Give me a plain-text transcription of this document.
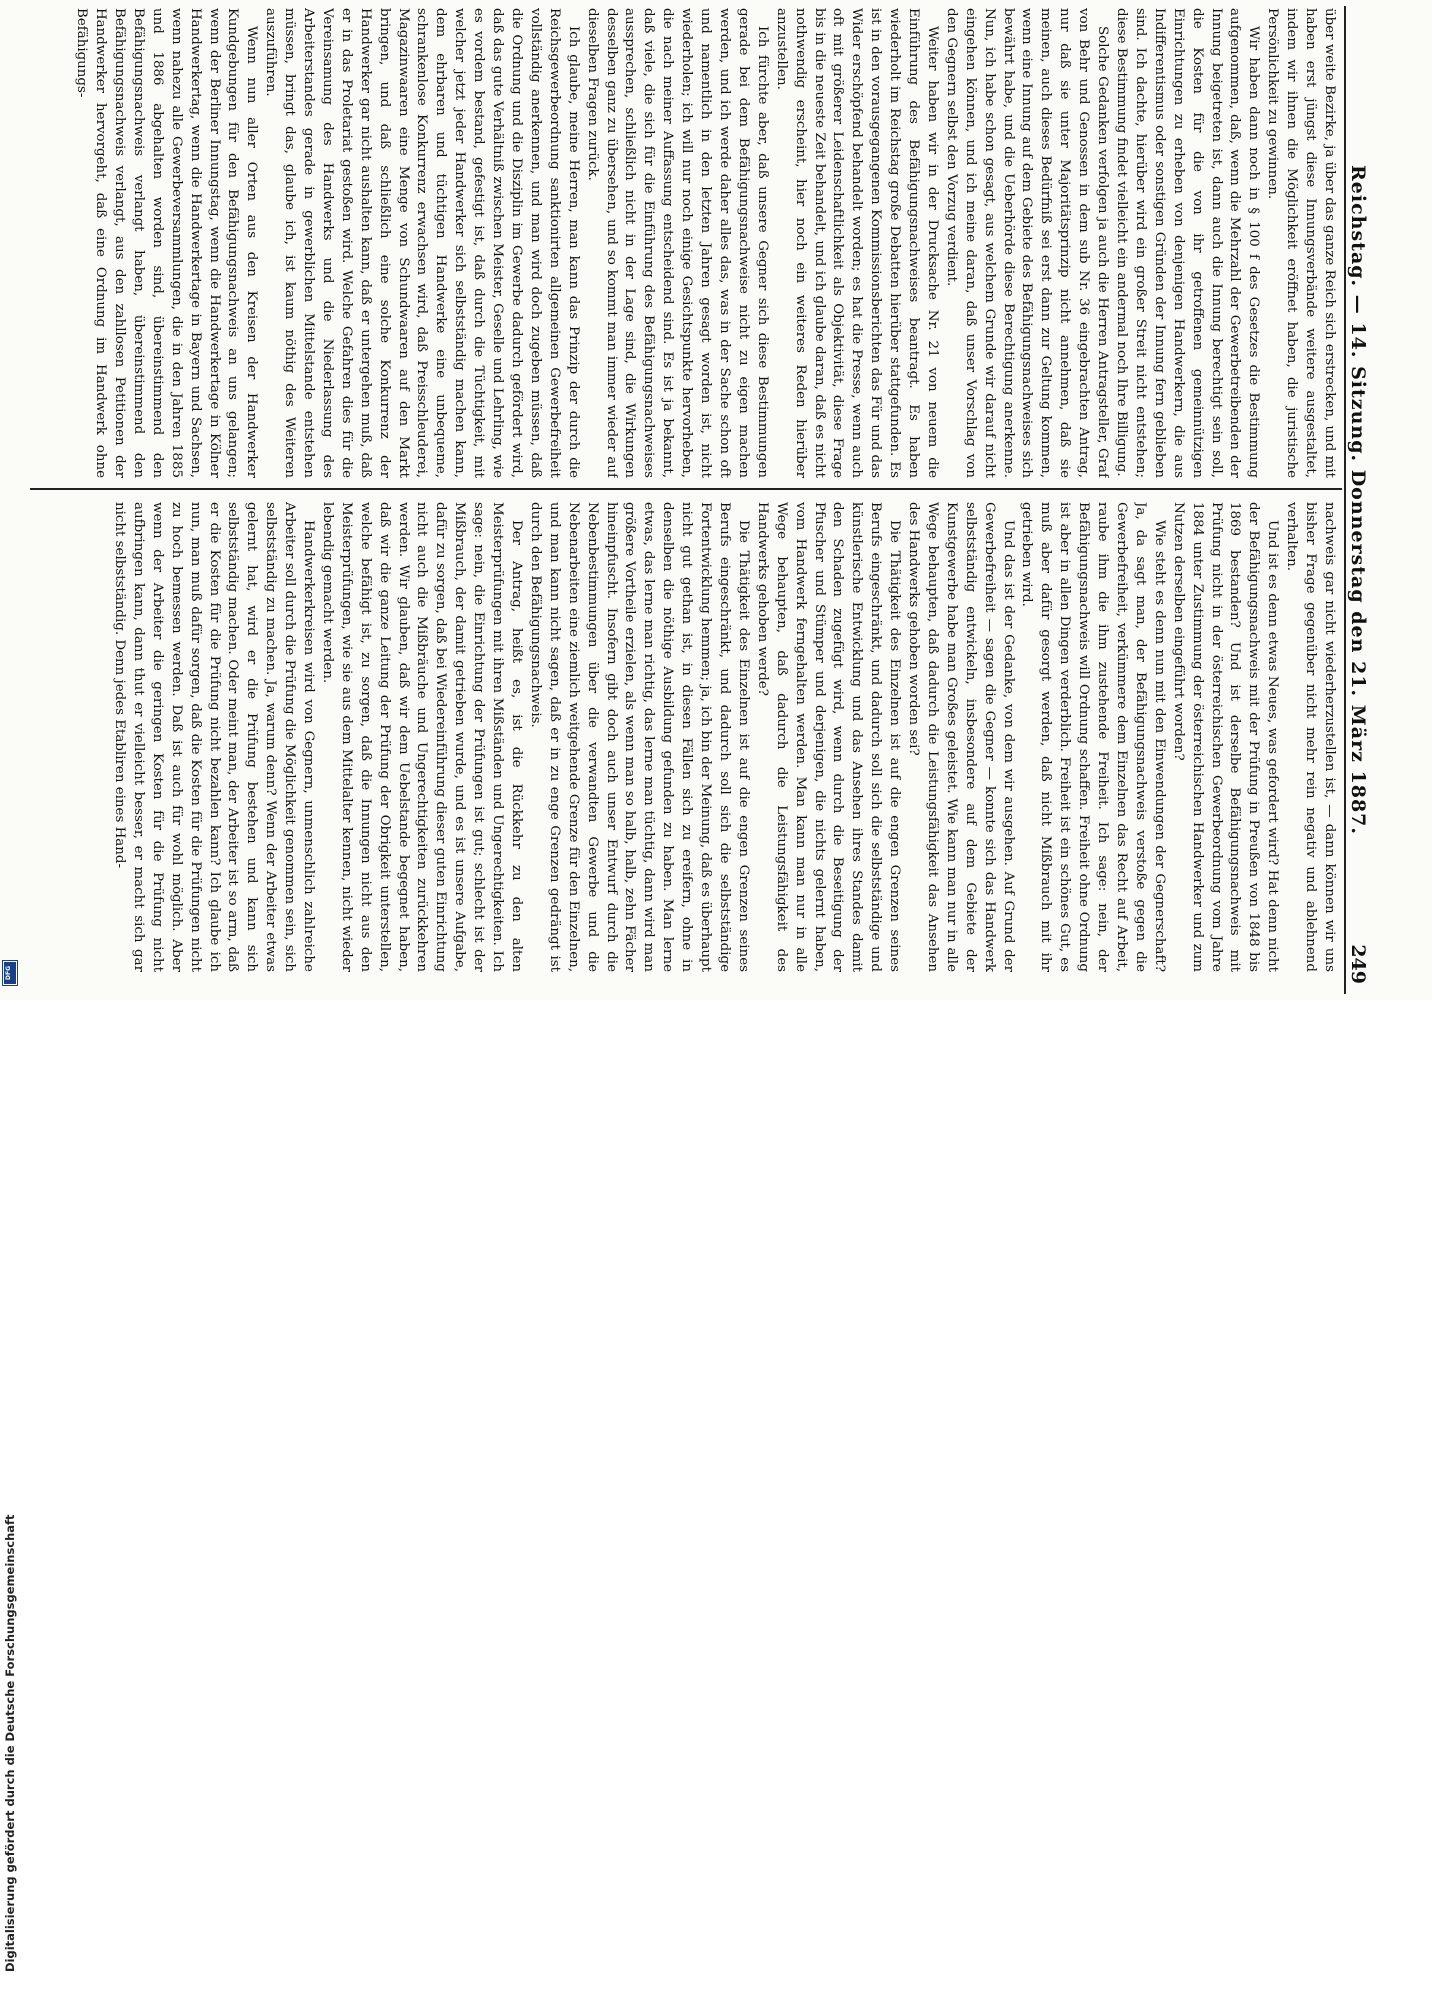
Reichstag. — 14. Sitzung. Donnerstag den 21. März 1887.
249

über weite Bezirke, ja über das ganze Reich sich erstrecken, und mit haben erst jüngst diese Innungsverbände weitere ausgestaltet, indem wir ihnen die Möglichkeit eröffnet haben, die juristische Persönlichkeit zu gewinnen.

Wir haben dann noch in § 100 f des Gesetzes die Bestimmung aufgenommen, daß, wenn die Mehrzahl der Gewerbetreibenden der Innung beigetreten ist, dann auch die Innung berechtigt sein soll, die Kosten für die von ihr getroffenen gemeinnützigen Einrichtungen zu erheben von denjenigen Handwerkern, die aus Indifferentismus oder sonstigen Gründen der Innung fern geblieben sind. Ich dachte, hierüber wird ein großer Streit nicht entstehen; diese Bestimmung findet vielleicht ein andermal noch Ihre Billigung.

Solche Gedanken verfolgen ja auch die Herren Antragsteller, Graf von Behr und Genossen in dem sub Nr. 36 eingebrachten Antrag, nur daß sie unter Majoritätsprinzip nicht annehmen, daß sie meinen, auch dieses Bedürfniß sei erst dann zur Geltung kommen, wenn eine Innung auf dem Gebiete des Befähigungsnachweises sich bewährt habe, und die Ueberhörde diese Berechtigung anerkenne. Nun, ich habe schon gesagt, aus welchem Grunde wir darauf nicht eingehen können, und ich meine daran, daß unser Vorschlag von den Gegnern selbst den Vorzug verdient.

Weiter haben wir in der Drucksache Nr. 21 von neuem die Einführung des Befähigungsnachweises beantragt. Es haben wiederholt im Reichstag große Debatten hierüber stattgefunden. Es ist in den vorausgegangenen Kommissionsberichten das Für und das Wider erschöpfend behandelt worden; es hat die Presse, wenn auch oft mit größerer Leidenschaftlichkeit als Objektivität, diese Frage bis in die neueste Zeit behandelt, und ich glaube daran, daß es nicht nothwendig erscheint, hier noch ein weiteres Reden hierüber anzustellen.

Ich fürchte aber, daß unsere Gegner sich diese Bestimmungen gerade bei dem Befähigungsnachweise nicht zu eigen machen werden, und ich werde daher alles das, was in der Sache schon oft und namentlich in den letzten Jahren gesagt worden ist, nicht wiederholen; ich will nur noch einige Gesichtspunkte hervorheben, die nach meiner Auffassung entscheidend sind. Es ist ja bekannt, daß viele, die sich für die Einführung des Befähigungsnachweises aussprechen, schließlich nicht in der Lage sind, die Wirkungen desselben ganz zu übersehen, und so kommt man immer wieder auf dieselben Fragen zurück.

Ich glaube, meine Herren, man kann das Prinzip der durch die Reichsgewerbeordnung sanktionirten allgemeinen Gewerbefreiheit vollständig anerkennen, und man wird doch zugeben müssen, daß die Ordnung und die Disziplin im Gewerbe dadurch gefördert wird, daß das gute Verhältniß zwischen Meister, Geselle und Lehrling, wie es vordem bestand, gefestigt ist, daß durch die Tüchtigkeit, mit welcher jetzt jeder Handwerker sich selbstständig machen kann, dem ehrbaren und tüchtigen Handwerke eine unbequeme, schrankenlose Konkurrenz erwachsen wird, daß Preisschleuderei, Magazinwaaren eine Menge von Schundwaaren auf den Markt bringen, und daß schließlich eine solche Konkurrenz der Handwerker gar nicht aushalten kann, daß er untergehen muß, daß er in das Proletariat gestoßen wird. Welche Gefahren dies für die Vereinsamung des Handwerks und die Niederlassung des Arbeiterstandes gerade in gewerblichen Mittelstande entstehen müssen, bringt das, glaube ich, ist kaum nöthig des Weiteren auszuführen.

Wenn nun aller Orten aus den Kreisen der Handwerker Kundgebungen für den Befähigungsnachweis an uns gelangen; wenn der Berliner Innungstag, wenn die Handwerkertage in Kölner Handwerkertag, wenn die Handwerkertage in Bayern und Sachsen, wenn nahezu alle Gewerbeversammlungen, die in den Jahren 1885 und 1886 abgehalten worden sind, übereinstimmend den Befähigungsnachweis verlangt haben, übereinstimmend den Befähigungsnachweis verlangt, aus den zahllosen Petitionen der Handwerker hervorgeht, daß eine Ordnung im Handwerk ohne Befähigungs-

nachweis gar nicht wiederherzustellen ist, — dann können wir uns bisher Frage gegenüber nicht mehr rein negativ und ablehnend verhalten.

Und ist es denn etwas Neues, was gefordert wird? Hat denn nicht der Befähigungsnachweis mit der Prüfung in Preußen von 1848 bis 1869 bestanden? Und ist derselbe Befähigungsnachweis mit Prüfung nicht in der österreichischen Gewerbeordnung vom Jahre 1884 unter Zustimmung der österreichischen Handwerker und zum Nutzen derselben eingeführt worden?

Wie steht es denn nun mit den Einwendungen der Gegnerschaft? Ja, da sagt man, der Befähigungsnachweis verstoße gegen die Gewerbefreiheit, verkümmere dem Einzelnen das Recht auf Arbeit, raube ihm die ihm zustehende Freiheit. Ich sage: nein, der Befähigungsnachweis will Ordnung schaffen. Freiheit ohne Ordnung ist aber in allen Dingen verderblich. Freiheit ist ein schönes Gut, es muß aber dafür gesorgt werden, daß nicht Mißbrauch mit ihr getrieben wird.

Und das ist der Gedanke, von dem wir ausgehen. Auf Grund der Gewerbefreiheit — sagen die Gegner — konnte sich das Handwerk selbstständig entwickeln, insbesondere auf dem Gebiete der Kunstgewerbe habe man Großes geleistet. Wie kann man nur in alle Wege behaupten, daß dadurch die Leistungsfähigkeit das Ansehen des Handwerks gehoben worden sei?

Die Thätigkeit des Einzelnen ist auf die engen Grenzen seines Berufs eingeschränkt, und dadurch soll sich die selbstständige und künstlerische Entwicklung und das Ansehen ihres Standes damit den Schaden zugefügt wird, wenn durch die Beseitigung der Pfuscher und Stümper und derjenigen, die nichts gelernt haben, vom Handwerk ferngehalten werden. Man kann man nur in alle Wege behaupten, daß dadurch die Leistungsfähigkeit des Handwerks gehoben werde?

Die Thätigkeit des Einzelnen ist auf die engen Grenzen seines Berufs eingeschränkt, und dadurch soll sich die selbstständige Fortentwicklung hemmen; ja, ich bin der Meinung, daß es überhaupt nicht gut gethan ist, in diesen Fällen sich zu ereifern, ohne in denselben die nöthige Ausbildung gefunden zu haben. Man lerne etwas, das lerne man richtig, das lerne man tüchtig, dann wird man größere Vortheile erzielen, als wenn man so halb, halb, zehn Fächer hineinpfuscht. Insofern gibt doch auch unser Entwurf durch die Nebenbestimmungen über die verwandten Gewerbe und die Nebenarbeiten eine ziemlich weitgehende Grenze für den Einzelnen, und man kann nicht sagen, daß er in zu enge Grenzen gedrängt ist durch den Befähigungsnachweis.

Der Antrag, heißt es, ist die Rückkehr zu den alten Meisterprüfungen mit ihren Mißständen und Ungerechtigkeiten. Ich sage: nein, die Einrichtung der Prüfungen ist gut; schlecht ist der Mißbrauch, der damit getrieben wurde, und es ist unsere Aufgabe, dafür zu sorgen, daß bei Wiedereinführung dieser guten Einrichtung nicht auch die Mißbräuche und Ungerechtigkeiten zurückkehren werden. Wir glauben, daß wir dem Uebelstande begegnet haben, daß wir die ganze Leitung der Prüfung der Obrigkeit unterstellen, welche befähigt ist, zu sorgen, daß die Innungen nicht aus den Meisterprüfungen, wie sie aus dem Mittelalter kennen, nicht wieder lebendig gemacht werden.

Handwerkerkreisen wird von Gegnern, unmenschlich zahlreiche Arbeiter soll durch die Prüfung die Möglichkeit genommen sein, sich selbstständig zu machen. Ja, warum denn? Wenn der Arbeiter etwas gelernt hat, wird er die Prüfung bestehen und kann sich selbstständig machen. Oder meint man, der Arbeiter ist so arm, daß er die Kosten für die Prüfung nicht bezahlen kann? Ich glaube ich nun, man muß dafür sorgen, daß die Kosten für die Prüfungen nicht zu hoch bemessen werden. Daß ist auch für wohl möglich. Aber wenn der Arbeiter die geringen Kosten für die Prüfung nicht aufbringen kann, dann thut er vielleicht besser, er macht sich gar nicht selbstständig. Denn jedes Etabliren eines Hand-

Digitalisierung gefördert durch die Deutsche Forschungsgemeinschaft
DFG
